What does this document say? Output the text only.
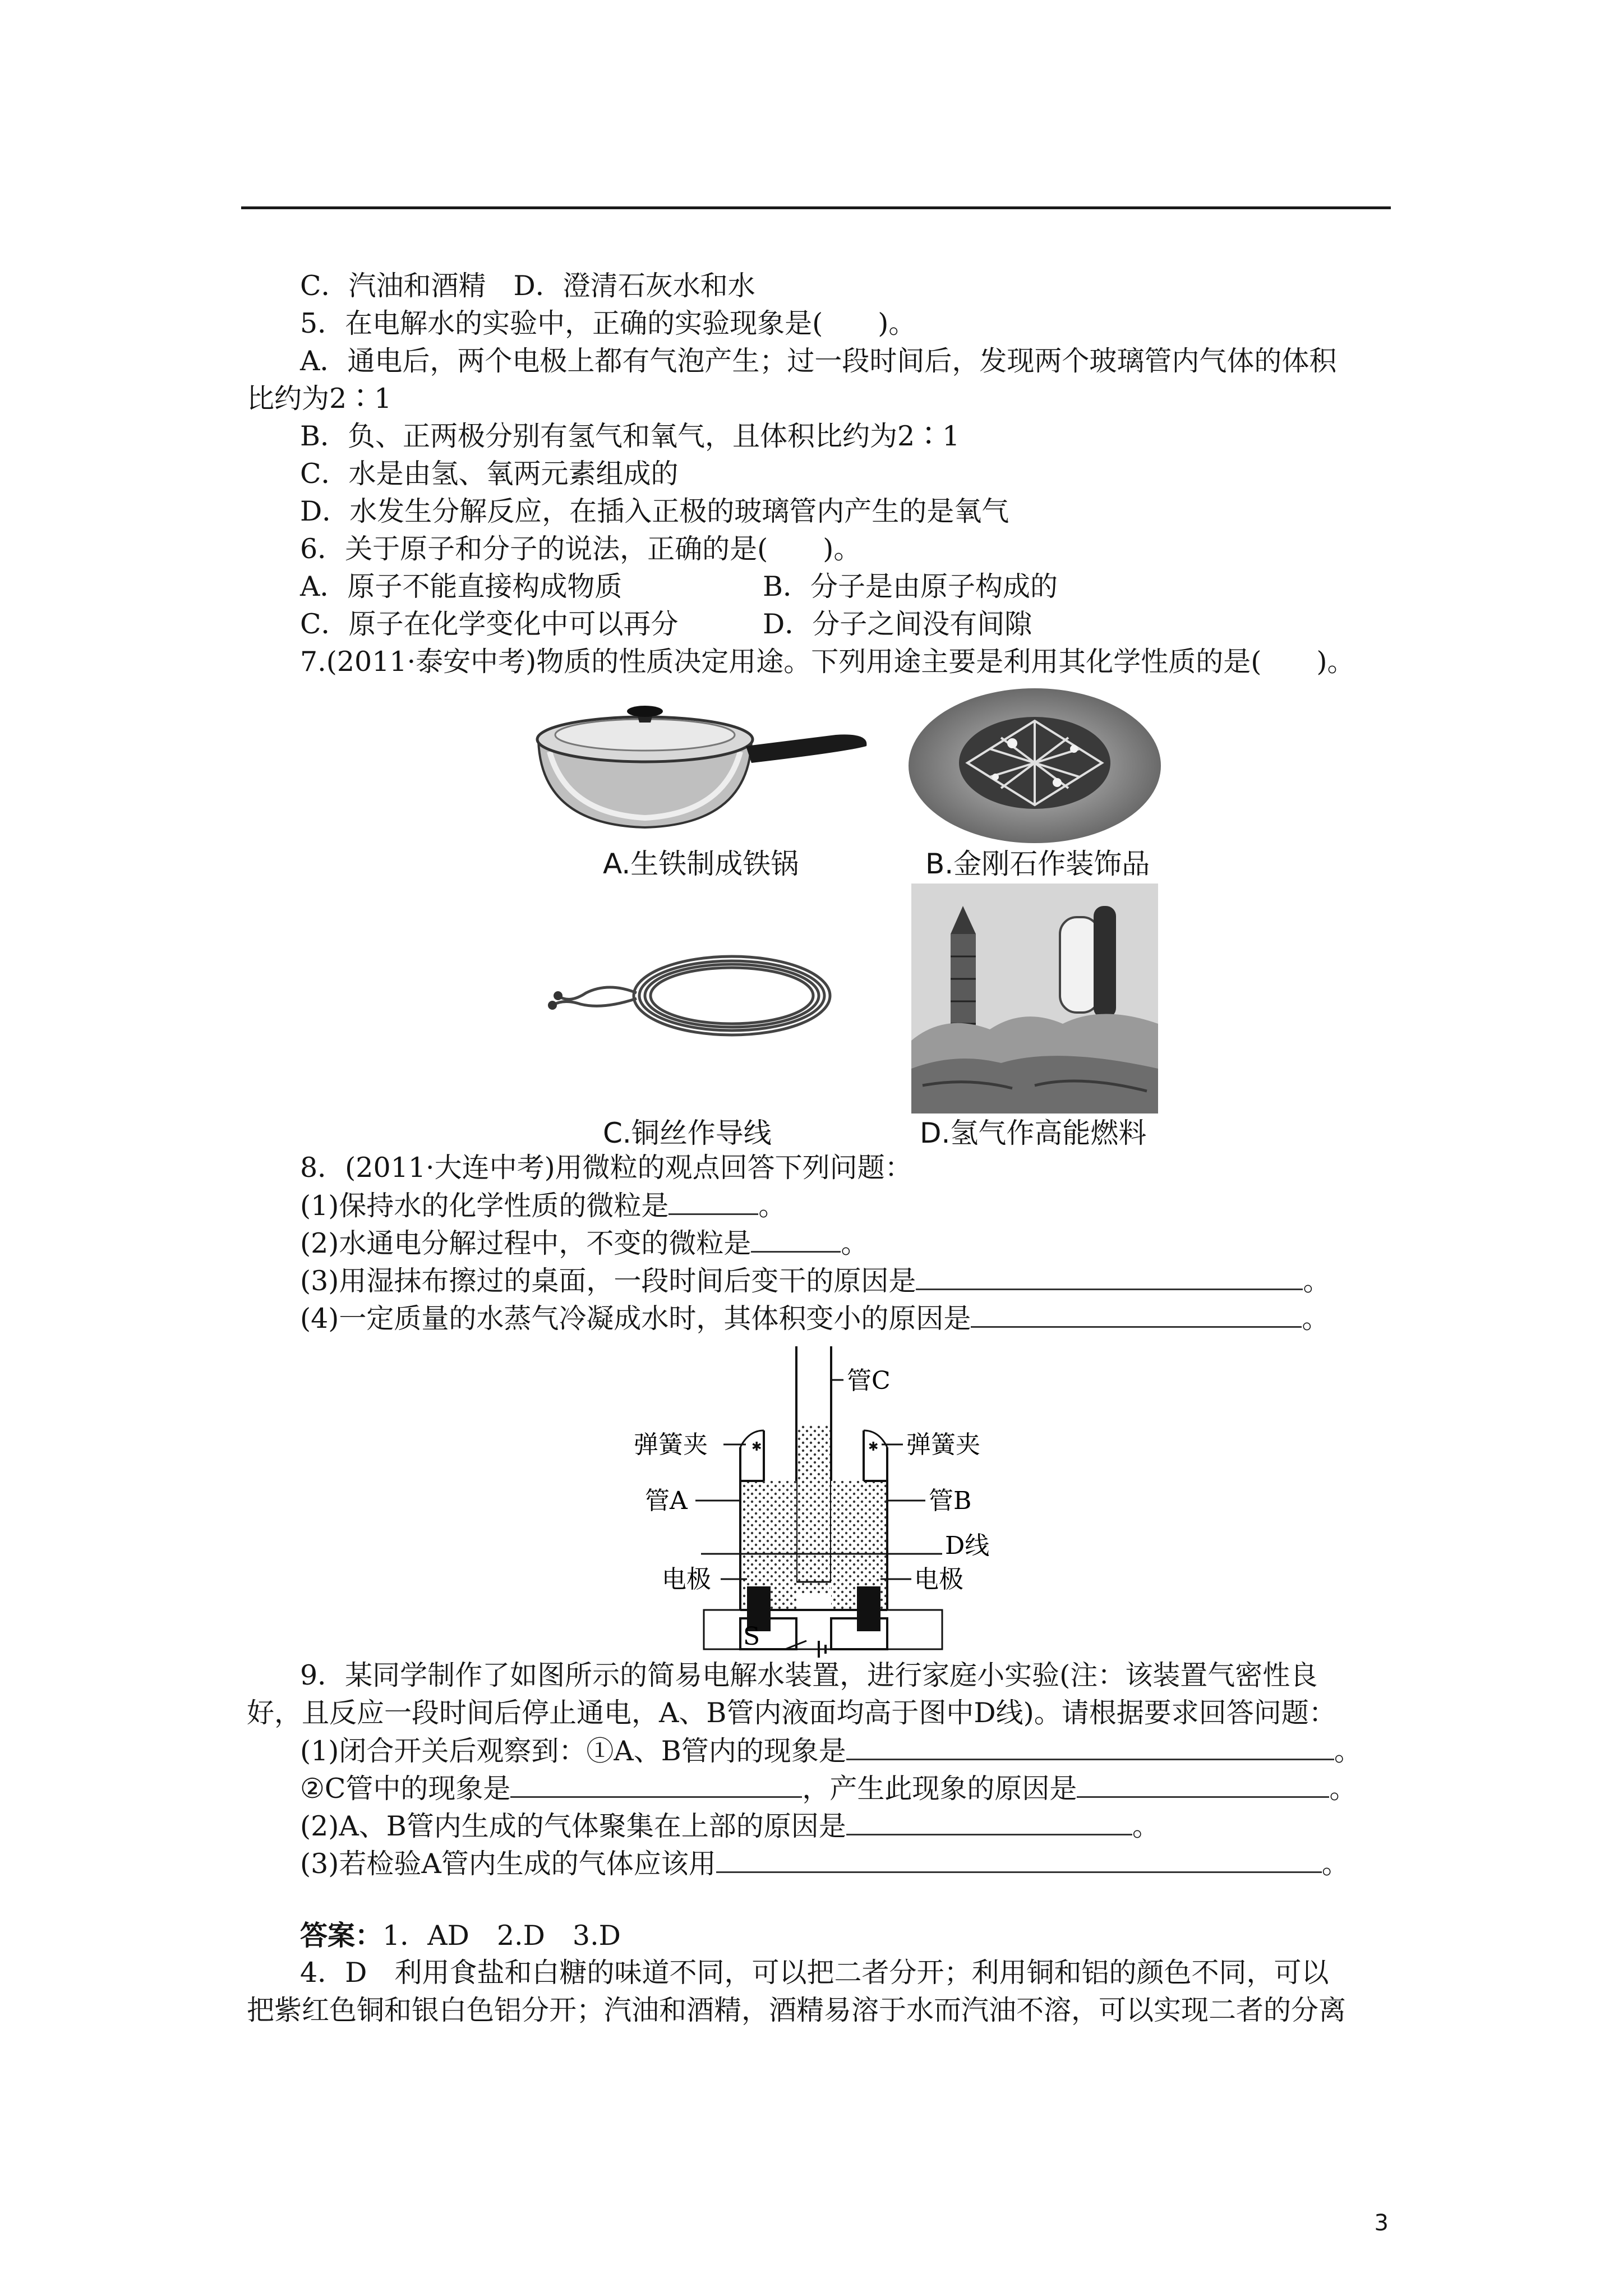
C．汽油和酒精　D．澄清石灰水和水
5．在电解水的实验中，正确的实验现象是(　　)。
A．通电后，两个电极上都有气泡产生；过一段时间后，发现两个玻璃管内气体的体积
比约为2∶1
B．负、正两极分别有氢气和氧气，且体积比约为2∶1
C．水是由氢、氧两元素组成的
D．水发生分解反应，在插入正极的玻璃管内产生的是氧气
6．关于原子和分子的说法，正确的是(　　)。
A．原子不能直接构成物质	B．分子是由原子构成的
C．原子在化学变化中可以再分	D．分子之间没有间隙
7.(2011·泰安中考)物质的性质决定用途。下列用途主要是利用其化学性质的是(　　)。
A.生铁制成铁锅	B.金刚石作装饰品
C.铜丝作导线	D.氢气作高能燃料
8．(2011·大连中考)用微粒的观点回答下列问题：
(1)保持水的化学性质的微粒是	。
(2)水通电分解过程中，不变的微粒是	。
(3)用湿抹布擦过的桌面，一段时间后变干的原因是	。
(4)一定质量的水蒸气冷凝成水时，其体积变小的原因是	。
✱	✱
管C
弹簧夹	弹簧夹
管A	管B
D线
电极	电极
S
9．某同学制作了如图所示的简易电解水装置，进行家庭小实验(注：该装置气密性良
好，且反应一段时间后停止通电，A、B管内液面均高于图中D线)。请根据要求回答问题：
(1)闭合开关后观察到：①A、B管内的现象是	。
②C管中的现象是	，产生此现象的原因是	。
(2)A、B管内生成的气体聚集在上部的原因是	。
(3)若检验A管内生成的气体应该用	。
答案：1．AD　2.D　3.D
4．D　利用食盐和白糖的味道不同，可以把二者分开；利用铜和铝的颜色不同，可以
把紫红色铜和银白色铝分开；汽油和酒精，酒精易溶于水而汽油不溶，可以实现二者的分离
3
